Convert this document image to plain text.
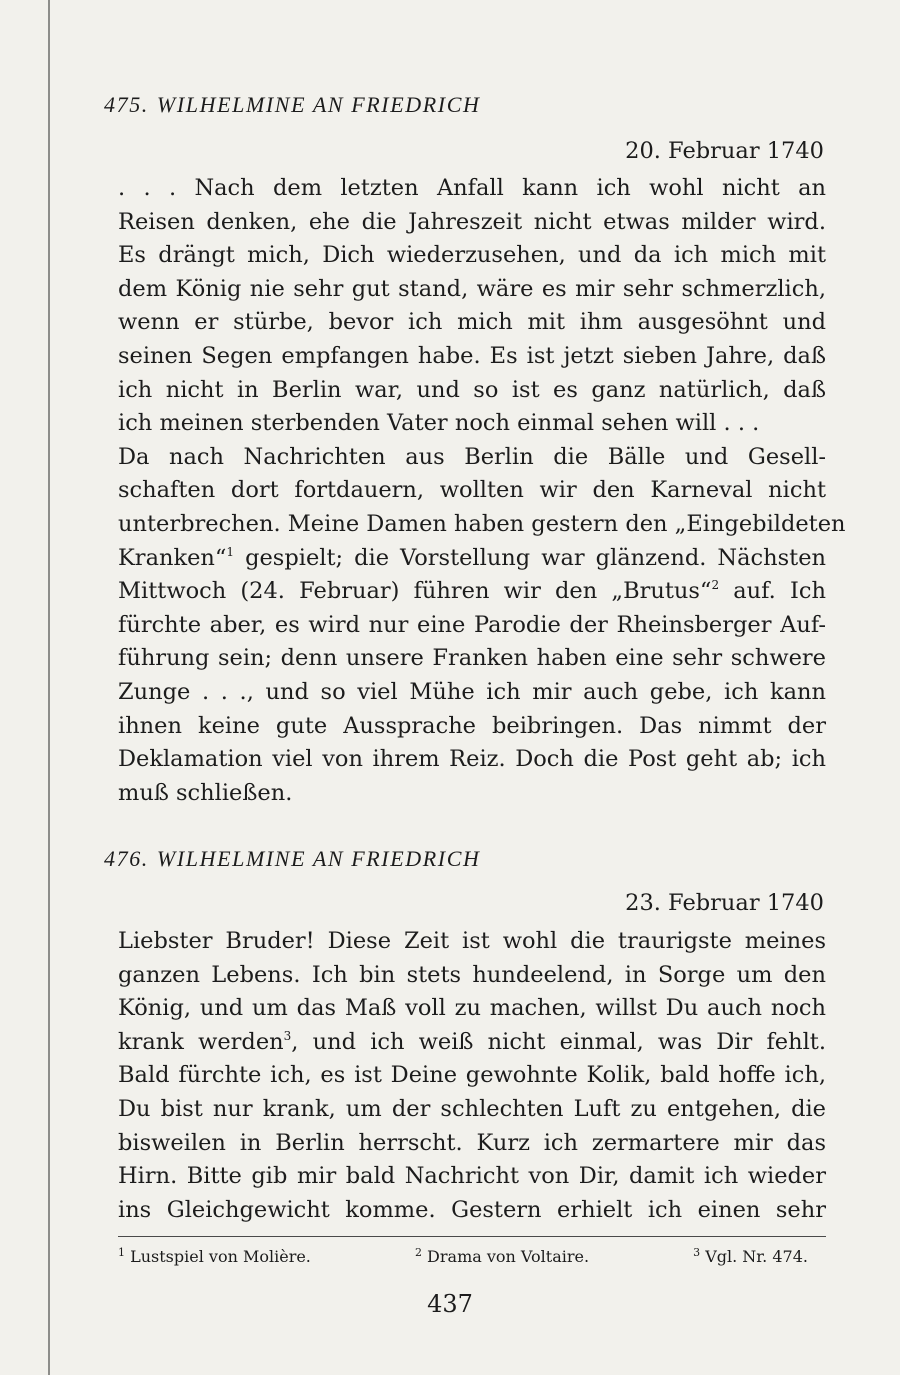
475. WILHELMINE AN FRIEDRICH
20. Februar 1740
. . . Nach dem letzten Anfall kann ich wohl nicht an
Reisen denken, ehe die Jahreszeit nicht etwas milder wird.
Es drängt mich, Dich wiederzusehen, und da ich mich mit
dem König nie sehr gut stand, wäre es mir sehr schmerzlich,
wenn er stürbe, bevor ich mich mit ihm ausgesöhnt und
seinen Segen empfangen habe. Es ist jetzt sieben Jahre, daß
ich nicht in Berlin war, und so ist es ganz natürlich, daß
ich meinen sterbenden Vater noch einmal sehen will . . .
Da nach Nachrichten aus Berlin die Bälle und Gesell-
schaften dort fortdauern, wollten wir den Karneval nicht
unterbrechen. Meine Damen haben gestern den „Eingebildeten
Kranken“$^1$ gespielt; die Vorstellung war glänzend. Nächsten
Mittwoch (24. Februar) führen wir den „Brutus“$^2$ auf. Ich
fürchte aber, es wird nur eine Parodie der Rheinsberger Auf-
führung sein; denn unsere Franken haben eine sehr schwere
Zunge . . ., und so viel Mühe ich mir auch gebe, ich kann
ihnen keine gute Aussprache beibringen. Das nimmt der
Deklamation viel von ihrem Reiz. Doch die Post geht ab; ich
muß schließen.
476. WILHELMINE AN FRIEDRICH
23. Februar 1740
Liebster Bruder! Diese Zeit ist wohl die traurigste meines
ganzen Lebens. Ich bin stets hundeelend, in Sorge um den
König, und um das Maß voll zu machen, willst Du auch noch
krank werden$^3$, und ich weiß nicht einmal, was Dir fehlt.
Bald fürchte ich, es ist Deine gewohnte Kolik, bald hoffe ich,
Du bist nur krank, um der schlechten Luft zu entgehen, die
bisweilen in Berlin herrscht. Kurz ich zermartere mir das
Hirn. Bitte gib mir bald Nachricht von Dir, damit ich wieder
ins Gleichgewicht komme. Gestern erhielt ich einen sehr
$^1$ Lustspiel von Molière.	$^2$ Drama von Voltaire.	$^3$ Vgl. Nr. 474.
437
